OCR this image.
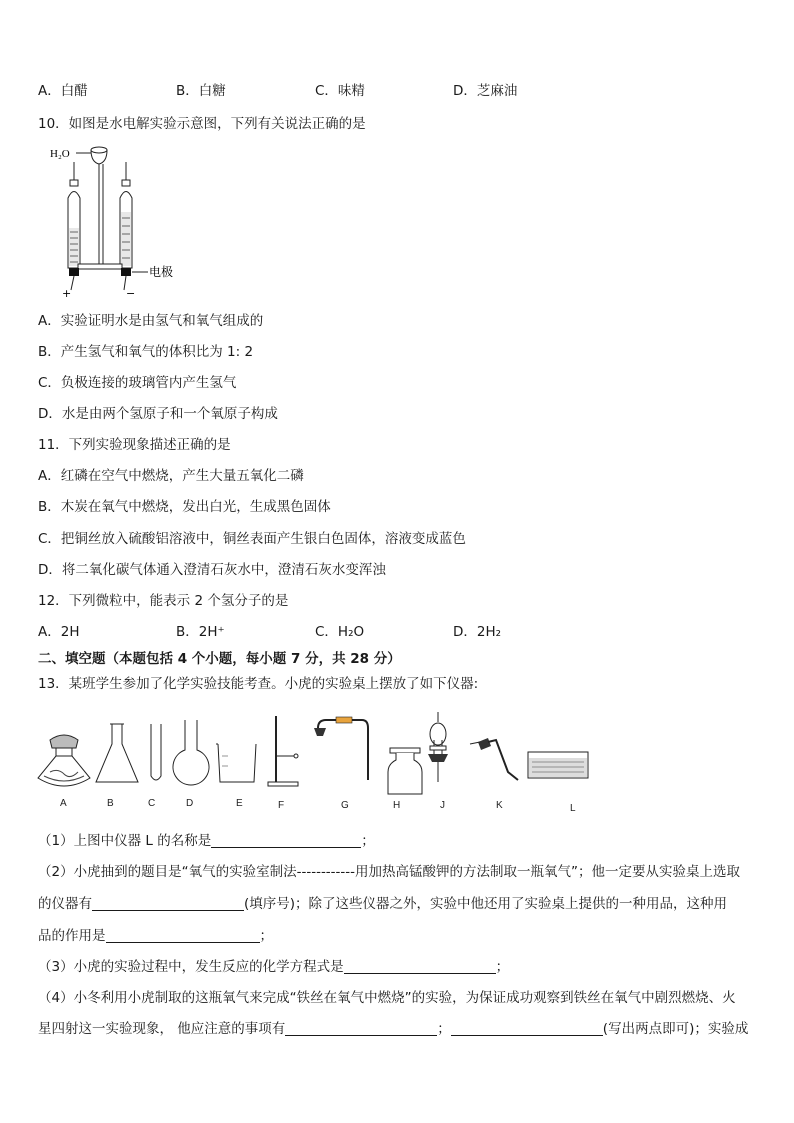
A．白醋	B．白糖	C．味精	D．芝麻油
10．如图是水电解实验示意图，下列有关说法正确的是
H₂O
电极
+	−
A．实验证明水是由氢气和氧气组成的
B．产生氢气和氧气的体积比为 1: 2
C．负极连接的玻璃管内产生氢气
D．水是由两个氢原子和一个氧原子构成
11．下列实验现象描述正确的是
A．红磷在空气中燃烧，产生大量五氧化二磷
B．木炭在氧气中燃烧，发出白光，生成黑色固体
C．把铜丝放入硫酸铝溶液中，铜丝表面产生银白色固体，溶液变成蓝色
D．将二氧化碳气体通入澄清石灰水中，澄清石灰水变浑浊
12．下列微粒中，能表示 2 个氢分子的是
A．2H	B．2H⁺	C．H₂O	D．2H₂
二、填空题（本题包括 4 个小题，每小题 7 分，共 28 分）
13．某班学生参加了化学实验技能考查。小虎的实验桌上摆放了如下仪器:
A	B	C	D	E	F	G	H	J	K	L
（1）上图中仪器 L 的名称是	；
（2）小虎抽到的题目是“氧气的实验室制法------------用加热高锰酸钾的方法制取一瓶氧气”；他一定要从实验桌上选取
的仪器有	(填序号)；除了这些仪器之外，实验中他还用了实验桌上提供的一种用品，这种用
品的作用是	；
（3）小虎的实验过程中，发生反应的化学方程式是	；
（4）小冬利用小虎制取的这瓶氧气来完成“铁丝在氧气中燃烧”的实验，为保证成功观察到铁丝在氧气中剧烈燃烧、火
星四射这一实验现象， 他应注意的事项有	；	(写出两点即可)；实验成
